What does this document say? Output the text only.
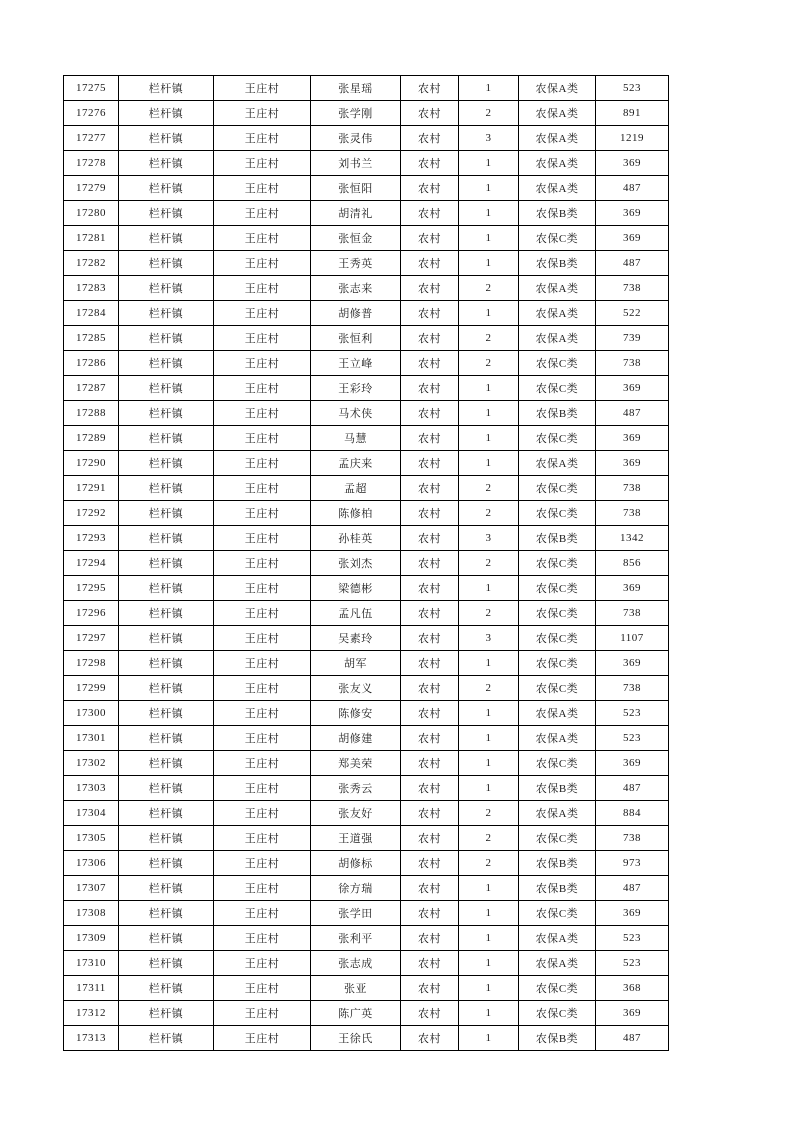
17275	栏杆镇	王庄村	张星瑶	农村	1	农保A类	523
17276	栏杆镇	王庄村	张学刚	农村	2	农保A类	891
17277	栏杆镇	王庄村	张灵伟	农村	3	农保A类	1219
17278	栏杆镇	王庄村	刘书兰	农村	1	农保A类	369
17279	栏杆镇	王庄村	张恒阳	农村	1	农保A类	487
17280	栏杆镇	王庄村	胡清礼	农村	1	农保B类	369
17281	栏杆镇	王庄村	张恒金	农村	1	农保C类	369
17282	栏杆镇	王庄村	王秀英	农村	1	农保B类	487
17283	栏杆镇	王庄村	张志来	农村	2	农保A类	738
17284	栏杆镇	王庄村	胡修普	农村	1	农保A类	522
17285	栏杆镇	王庄村	张恒利	农村	2	农保A类	739
17286	栏杆镇	王庄村	王立峰	农村	2	农保C类	738
17287	栏杆镇	王庄村	王彩玲	农村	1	农保C类	369
17288	栏杆镇	王庄村	马术侠	农村	1	农保B类	487
17289	栏杆镇	王庄村	马慧	农村	1	农保C类	369
17290	栏杆镇	王庄村	孟庆来	农村	1	农保A类	369
17291	栏杆镇	王庄村	孟超	农村	2	农保C类	738
17292	栏杆镇	王庄村	陈修柏	农村	2	农保C类	738
17293	栏杆镇	王庄村	孙桂英	农村	3	农保B类	1342
17294	栏杆镇	王庄村	张刘杰	农村	2	农保C类	856
17295	栏杆镇	王庄村	梁德彬	农村	1	农保C类	369
17296	栏杆镇	王庄村	孟凡伍	农村	2	农保C类	738
17297	栏杆镇	王庄村	吴素玲	农村	3	农保C类	1107
17298	栏杆镇	王庄村	胡军	农村	1	农保C类	369
17299	栏杆镇	王庄村	张友义	农村	2	农保C类	738
17300	栏杆镇	王庄村	陈修安	农村	1	农保A类	523
17301	栏杆镇	王庄村	胡修建	农村	1	农保A类	523
17302	栏杆镇	王庄村	郑美荣	农村	1	农保C类	369
17303	栏杆镇	王庄村	张秀云	农村	1	农保B类	487
17304	栏杆镇	王庄村	张友好	农村	2	农保A类	884
17305	栏杆镇	王庄村	王道强	农村	2	农保C类	738
17306	栏杆镇	王庄村	胡修标	农村	2	农保B类	973
17307	栏杆镇	王庄村	徐方瑞	农村	1	农保B类	487
17308	栏杆镇	王庄村	张学田	农村	1	农保C类	369
17309	栏杆镇	王庄村	张利平	农村	1	农保A类	523
17310	栏杆镇	王庄村	张志成	农村	1	农保A类	523
17311	栏杆镇	王庄村	张亚	农村	1	农保C类	368
17312	栏杆镇	王庄村	陈广英	农村	1	农保C类	369
17313	栏杆镇	王庄村	王徐氏	农村	1	农保B类	487
